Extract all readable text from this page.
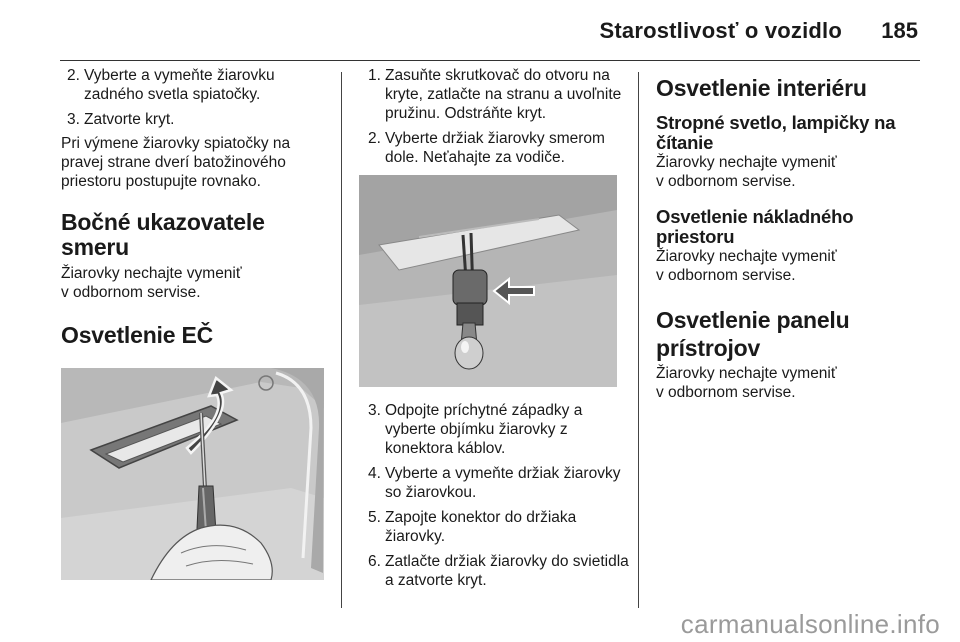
Starostlivosť o vozidlo 185
2. Vyberte a vymeňte žiarovku zadného svetla spiatočky.
3. Zatvorte kryt.

Pri výmene žiarovky spiatočky na pravej strane dverí batožinového priestoru postupujte rovnako.

Bočné ukazovatele smeru

Žiarovky nechajte vymeniť

v odbornom servise.

Osvetlenie EČ
1. Zasuňte skrutkovač do otvoru na kryte, zatlačte na stranu a uvoľnite pružinu. Odstráňte kryt.
2. Vyberte držiak žiarovky smerom dole. Neťahajte za vodiče.
3. Odpojte príchytné západky a vyberte objímku žiarovky z konektora káblov.
4. Vyberte a vymeňte držiak žiarovky so žiarovkou.
5. Zapojte konektor do držiaka žiarovky.
6. Zatlačte držiak žiarovky do svietidla a zatvorte kryt.
Osvetlenie interiéru
Stropné svetlo, lampičky na čítanie

Žiarovky nechajte vymeniť

v odbornom servise.

Osvetlenie nákladného priestoru

Žiarovky nechajte vymeniť

v odbornom servise.

Osvetlenie panelu prístrojov

Žiarovky nechajte vymeniť

v odbornom servise.

carmanualsonline.info
